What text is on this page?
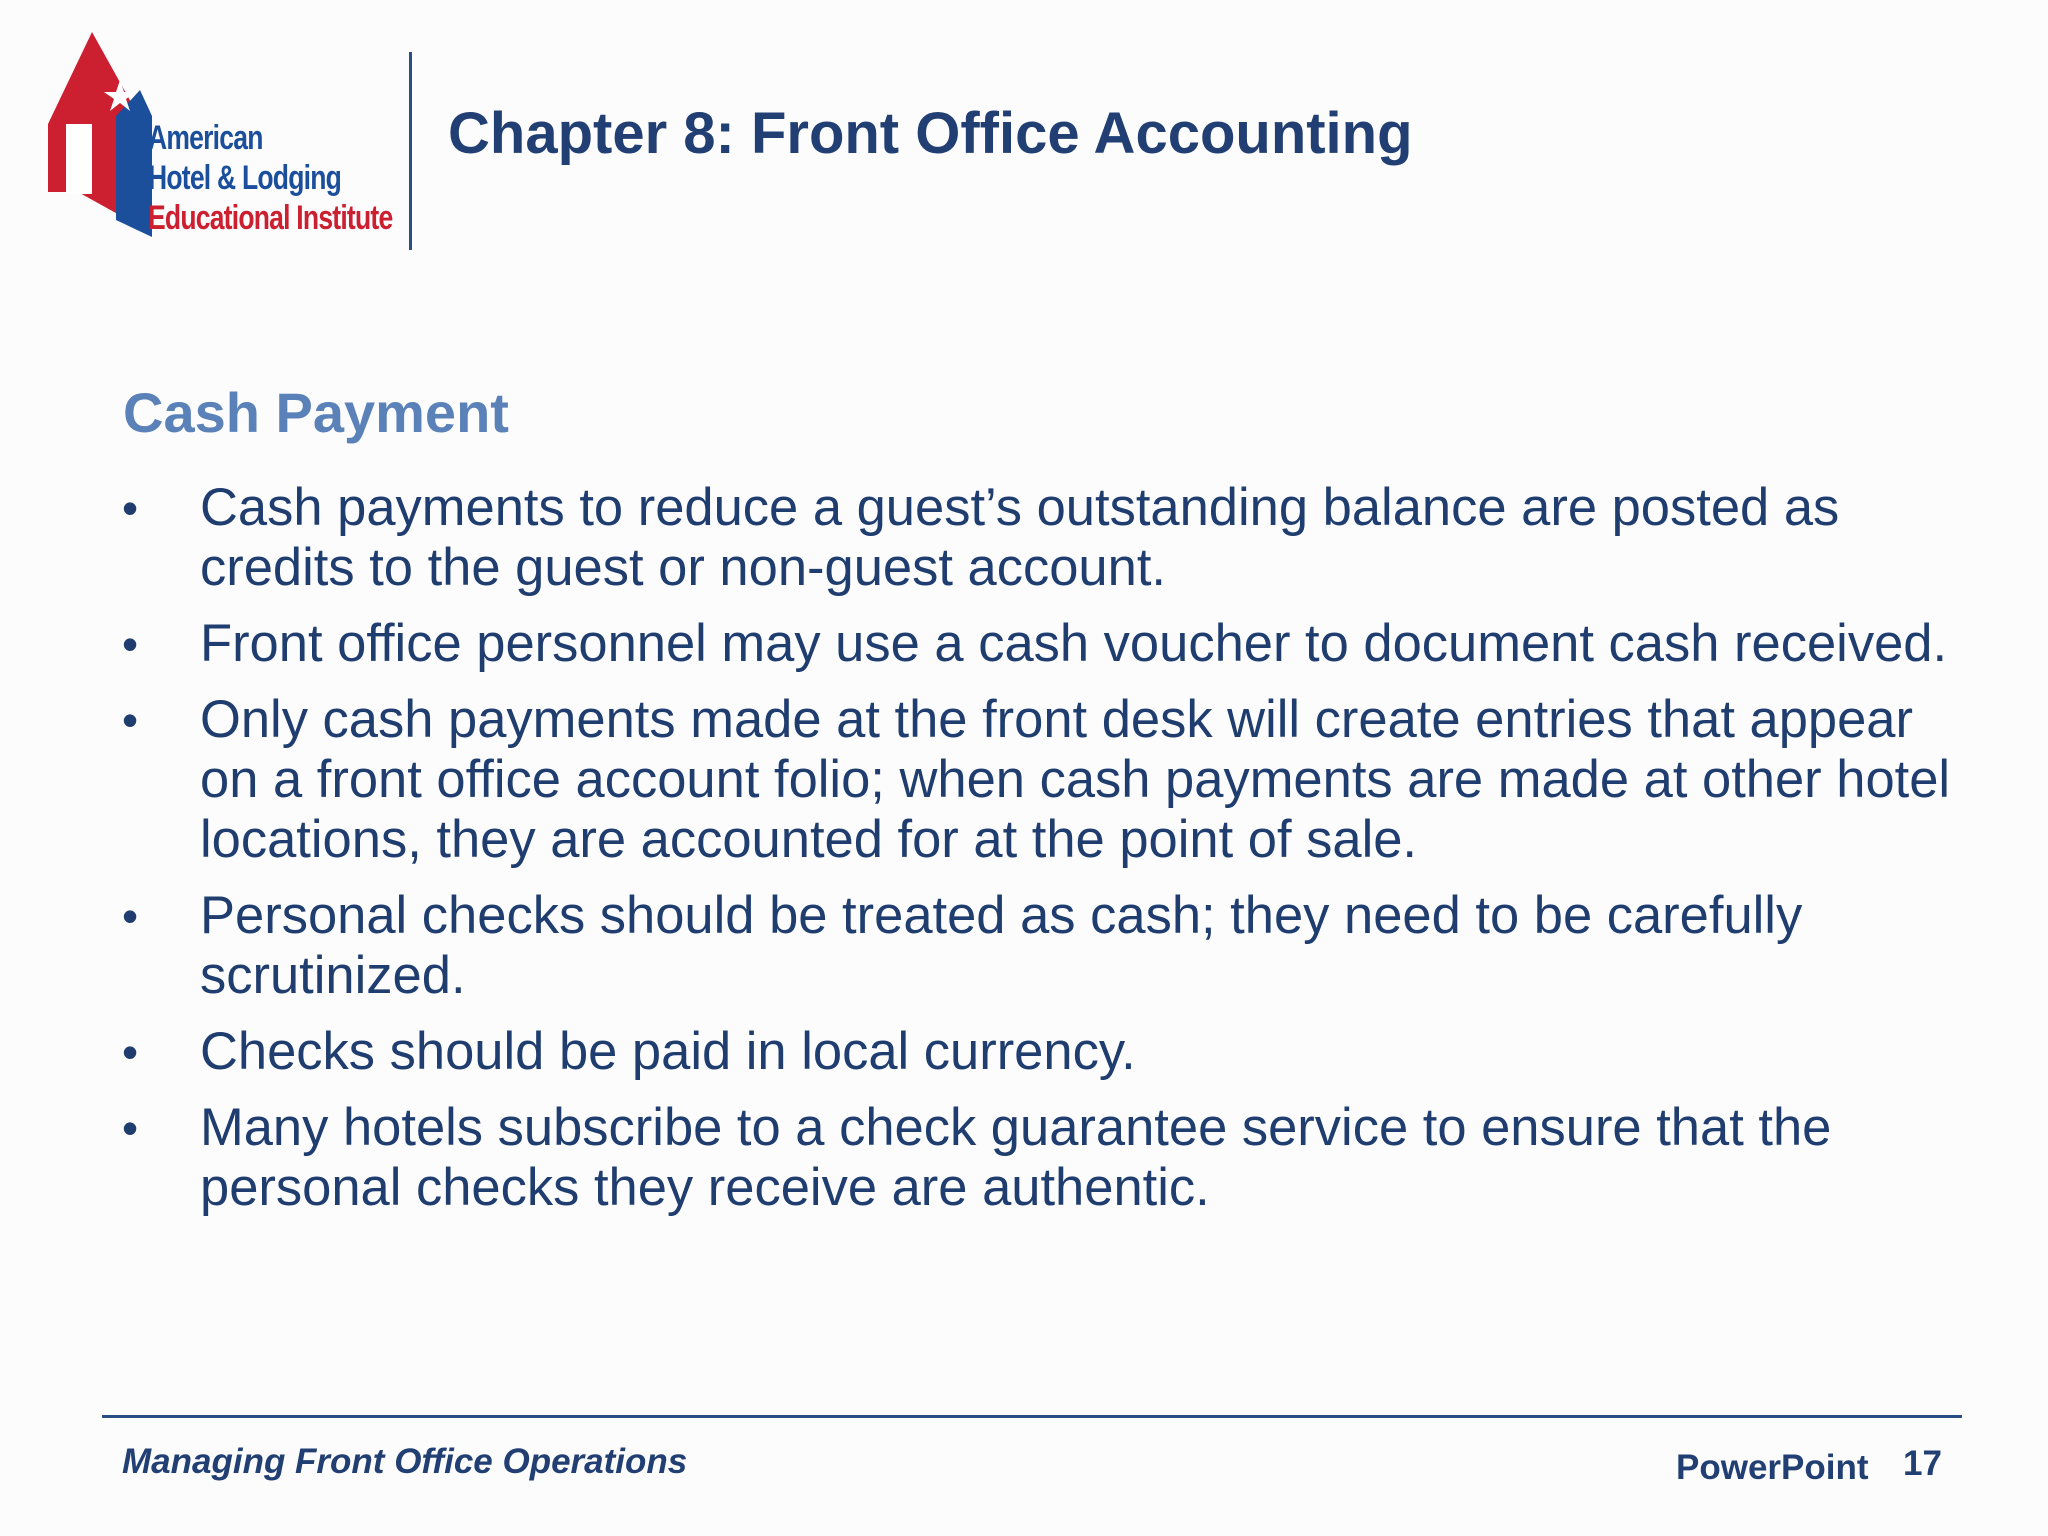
American
Hotel & Lodging
Educational Institute
Chapter 8: Front Office Accounting
Cash Payment
• Cash payments to reduce a guest’s outstanding balance are posted as credits to the guest or non-guest account.
• Front office personnel may use a cash voucher to document cash received.
• Only cash payments made at the front desk will create entries that appear on a front office account folio; when cash payments are made at other hotel locations, they are accounted for at the point of sale.
• Personal checks should be treated as cash; they need to be carefully scrutinized.
• Checks should be paid in local currency.
• Many hotels subscribe to a check guarantee service to ensure that the personal checks they receive are authentic.
Managing Front Office Operations	PowerPoint 17
